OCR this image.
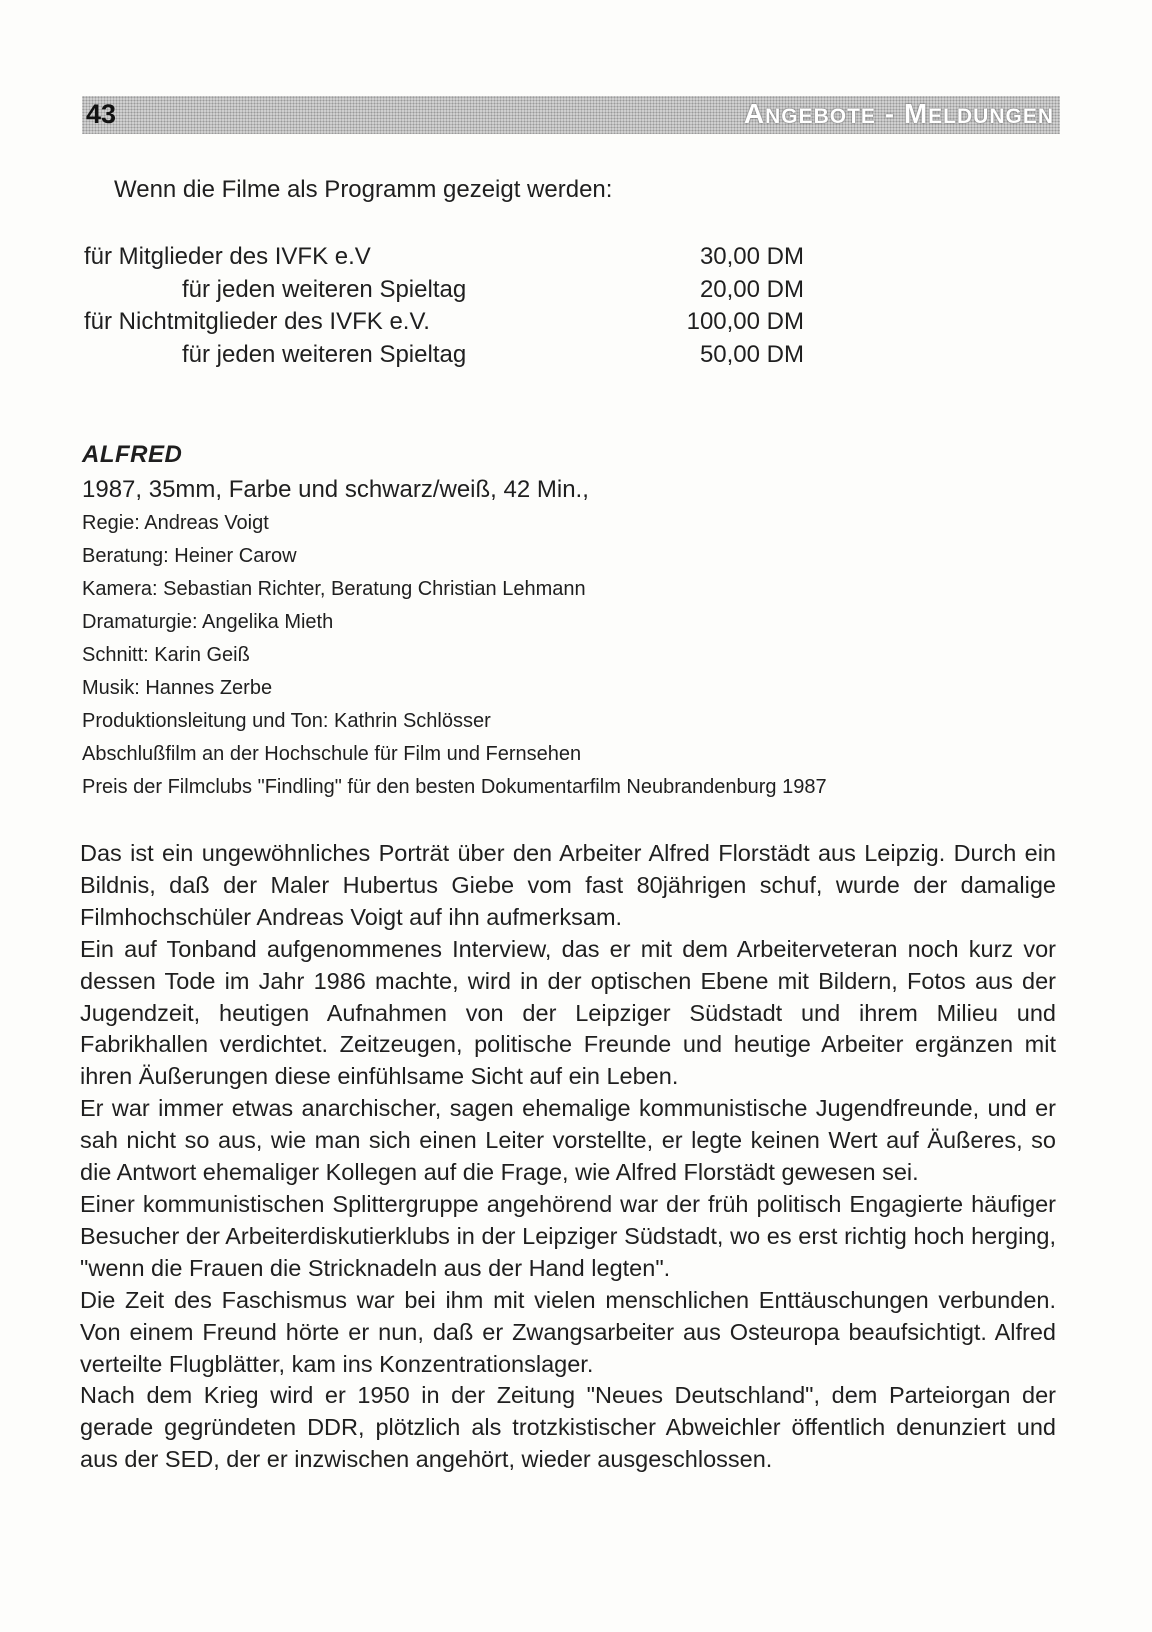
43	ANGEBOTE - MELDUNGEN

Wenn die Filme als Programm gezeigt werden:

für Mitglieder des IVFK e.V	30,00 DM
für jeden weiteren Spieltag	20,00 DM
für Nichtmitglieder des IVFK e.V.	100,00 DM
für jeden weiteren Spieltag	50,00 DM
ALFRED

1987, 35mm, Farbe und schwarz/weiß, 42 Min.,

Regie: Andreas Voigt
Beratung: Heiner Carow
Kamera: Sebastian Richter, Beratung Christian Lehmann
Dramaturgie: Angelika Mieth
Schnitt: Karin Geiß
Musik: Hannes Zerbe
Produktionsleitung und Ton: Kathrin Schlösser
Abschlußfilm an der Hochschule für Film und Fernsehen
Preis der Filmclubs "Findling" für den besten Dokumentarfilm Neubrandenburg 1987

Das ist ein ungewöhnliches Porträt über den Arbeiter Alfred Florstädt aus Leipzig. Durch ein Bildnis, daß der Maler Hubertus Giebe vom fast 80jährigen schuf, wurde der damalige Filmhochschüler Andreas Voigt auf ihn aufmerksam.

Ein auf Tonband aufgenommenes Interview, das er mit dem Arbeiterveteran noch kurz vor dessen Tode im Jahr 1986 machte, wird in der optischen Ebene mit Bildern, Fotos aus der Jugendzeit, heutigen Aufnahmen von der Leipziger Südstadt und ihrem Milieu und Fabrikhallen verdichtet. Zeitzeugen, politische Freunde und heutige Arbeiter ergänzen mit ihren Äußerungen diese einfühlsame Sicht auf ein Leben.

Er war immer etwas anarchischer, sagen ehemalige kommunistische Jugendfreunde, und er sah nicht so aus, wie man sich einen Leiter vorstellte, er legte keinen Wert auf Äußeres, so die Antwort ehemaliger Kollegen auf die Frage, wie Alfred Florstädt gewesen sei.

Einer kommunistischen Splittergruppe angehörend war der früh politisch Engagierte häufiger Besucher der Arbeiterdiskutierklubs in der Leipziger Südstadt, wo es erst richtig hoch herging, "wenn die Frauen die Stricknadeln aus der Hand legten".

Die Zeit des Faschismus war bei ihm mit vielen menschlichen Enttäuschungen verbunden. Von einem Freund hörte er nun, daß er Zwangsarbeiter aus Osteuropa beaufsichtigt. Alfred verteilte Flugblätter, kam ins Konzentrationslager.

Nach dem Krieg wird er 1950 in der Zeitung "Neues Deutschland", dem Parteiorgan der gerade gegründeten DDR, plötzlich als trotzkistischer Abweichler öffentlich denunziert und aus der SED, der er inzwischen angehört, wieder ausgeschlossen.
